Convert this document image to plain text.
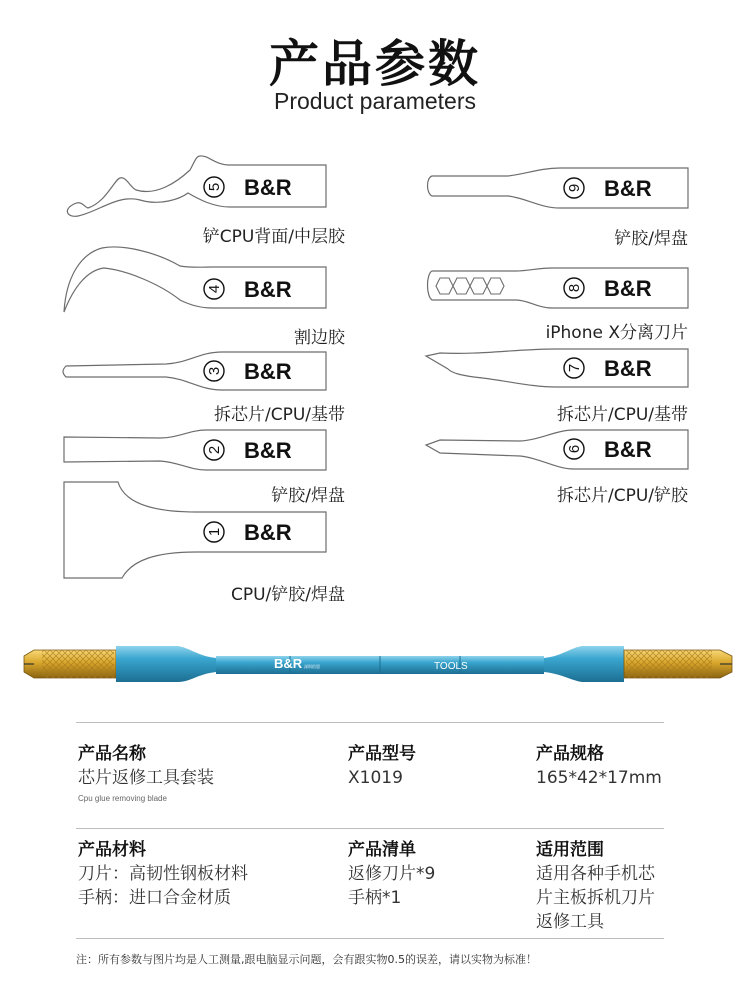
产品参数
Product parameters
5 B&R
4 B&R
3 B&R
2 B&R
1 B&R
9 B&R
8 B&R
7 B&R
6 B&R
铲CPU背面/中层胶
割边胶
拆芯片/CPU/基带
铲胶/焊盘
CPU/铲胶/焊盘
铲胶/焊盘
iPhone X分离刀片
拆芯片/CPU/基带
拆芯片/CPU/铲胶
B&R 深圳倍恩	TOOLS
产品名称
芯片返修工具套装
Cpu glue removing blade
产品型号
X1019
产品规格
165*42*17mm
产品材料
刀片：高韧性钢板材料
手柄：进口合金材质
产品清单
返修刀片*9
手柄*1
适用范围
适用各种手机芯
片主板拆机刀片
返修工具
注：所有参数与图片均是人工测量,跟电脑显示问题，会有跟实物0.5的误差，请以实物为标准！
